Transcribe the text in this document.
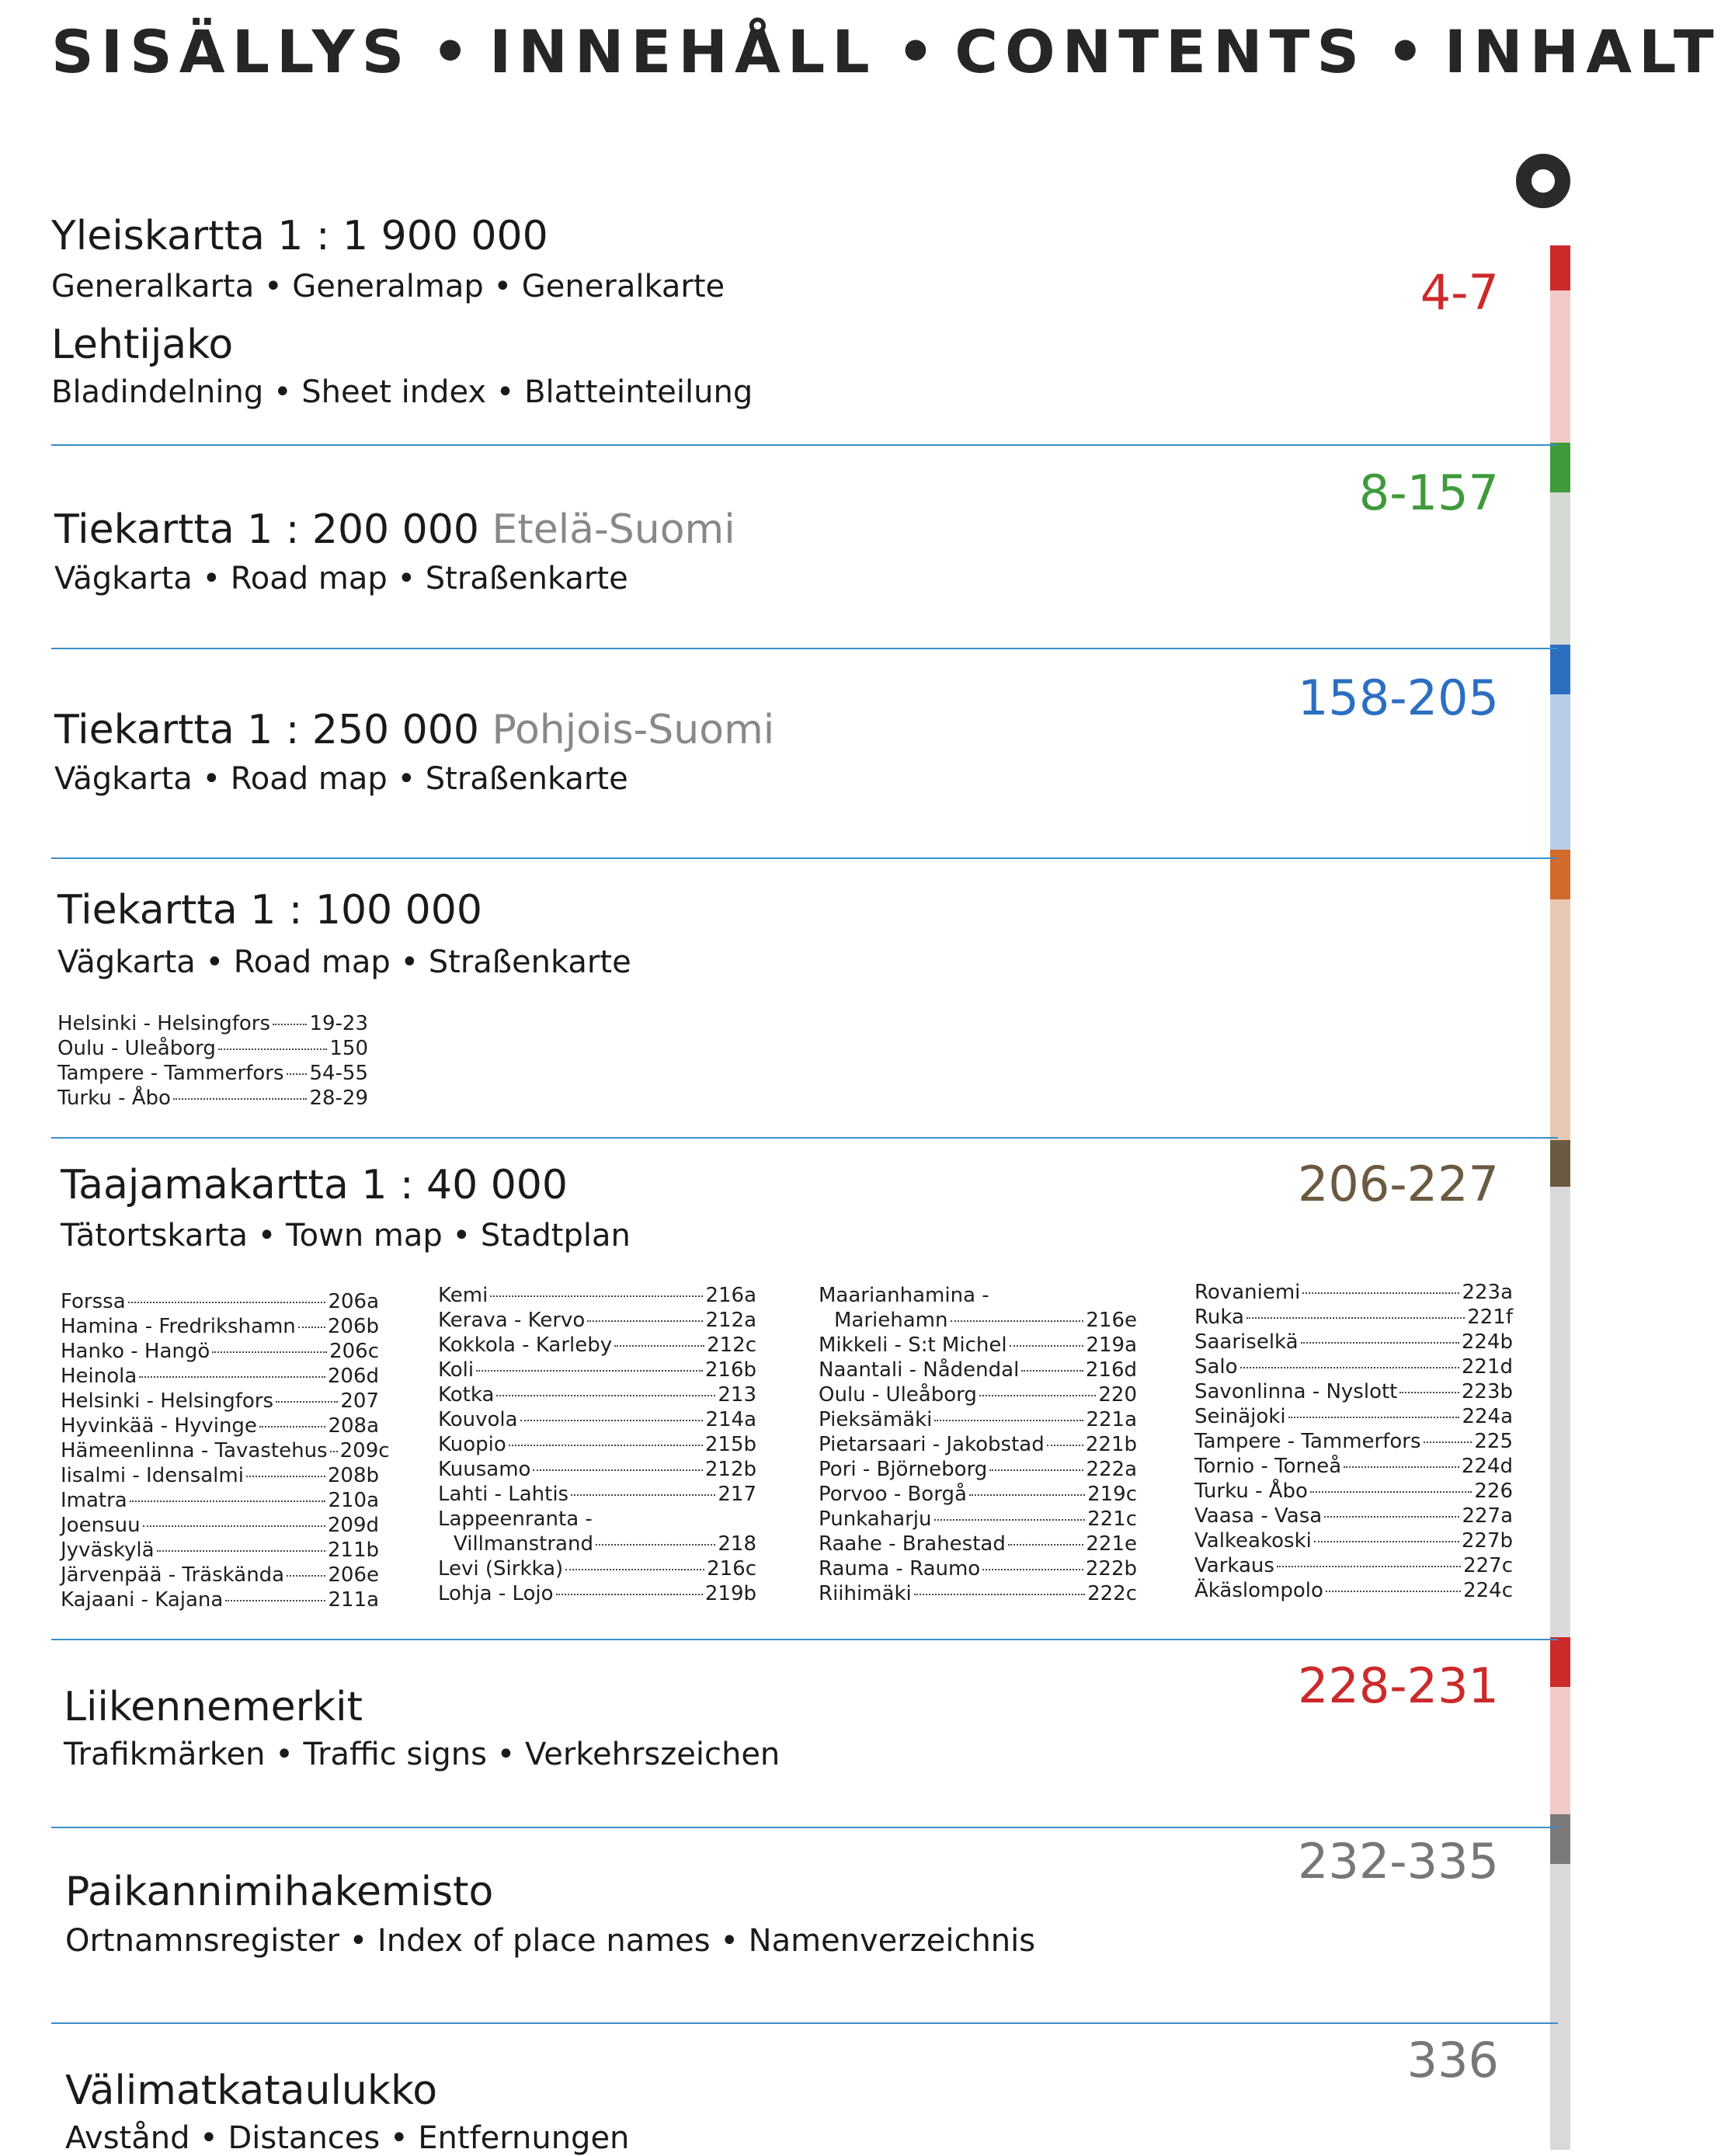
SISÄLLYS • INNEHÅLL • CONTENTS • INHALT
Yleiskartta 1 : 1 900 000
Generalkarta • Generalmap • Generalkarte
Lehtijako
Bladindelning • Sheet index • Blatteinteilung
4-7
Tiekartta 1 : 200 000 Etelä-Suomi
Vägkarta • Road map • Straßenkarte
8-157
Tiekartta 1 : 250 000 Pohjois-Suomi
Vägkarta • Road map • Straßenkarte
158-205
Tiekartta 1 : 100 000
Vägkarta • Road map • Straßenkarte
Helsinki - Helsingfors 19-23
Oulu - Uleåborg	150
Tampere - Tammerfors 54-55
Turku - Åbo	28-29
Taajamakartta 1 : 40 000
Tätortskarta • Town map • Stadtplan
206-227
Forssa	206a
Hamina - Fredrikshamn 206b
Hanko - Hangö	206c
Heinola	206d
Helsinki - Helsingfors	207
Hyvinkää - Hyvinge	208a
Hämeenlinna - Tavastehus 209c
Iisalmi - Idensalmi	208b
Imatra	210a
Joensuu	209d
Jyväskylä	211b
Järvenpää - Träskända 206e
Kajaani - Kajana	211a
Kemi	216a
Kerava - Kervo	212a
Kokkola - Karleby	212c
Koli	216b
Kotka	213
Kouvola	214a
Kuopio	215b
Kuusamo	212b
Lahti - Lahtis	217
Lappeenranta -
Villmanstrand	218
Levi (Sirkka)	216c
Lohja - Lojo	219b
Maarianhamina -
Mariehamn	216e
Mikkeli - S:t Michel	219a
Naantali - Nådendal	216d
Oulu - Uleåborg	220
Pieksämäki	221a
Pietarsaari - Jakobstad 221b
Pori - Björneborg	222a
Porvoo - Borgå	219c
Punkaharju	221c
Raahe - Brahestad	221e
Rauma - Raumo	222b
Riihimäki	222c
Rovaniemi	223a
Ruka	221f
Saariselkä	224b
Salo	221d
Savonlinna - Nyslott	223b
Seinäjoki	224a
Tampere - Tammerfors	225
Tornio - Torneå	224d
Turku - Åbo	226
Vaasa - Vasa	227a
Valkeakoski	227b
Varkaus	227c
Äkäslompolo	224c
Liikennemerkit
Trafikmärken • Traffic signs • Verkehrszeichen
228-231
Paikannimihakemisto
Ortnamnsregister • Index of place names • Namenverzeichnis
232-335
Välimatkataulukko
Avstånd • Distances • Entfernungen
336
